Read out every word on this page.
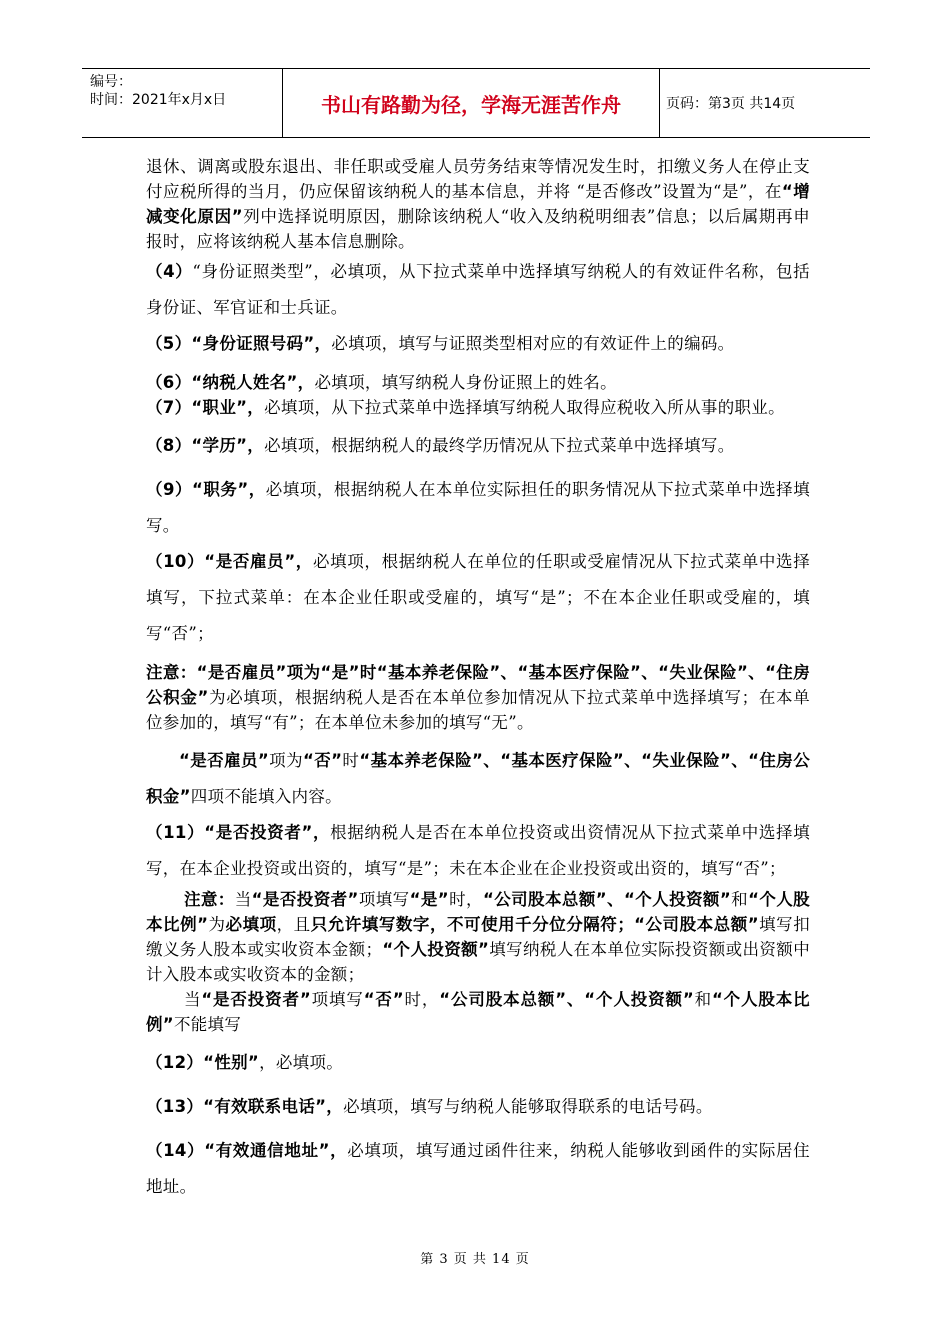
编号：
时间：2021年x月x日	书山有路勤为径，学海无涯苦作舟	页码：第3页 共14页

退休、调离或股东退出、非任职或受雇人员劳务结束等情况发生时，扣缴义务人在停止支付应税所得的当月，仍应保留该纳税人的基本信息，并将 “是否修改”设置为“是”，在“增减变化原因”列中选择说明原因，删除该纳税人“收入及纳税明细表”信息；以后属期再申报时，应将该纳税人基本信息删除。

（4）“身份证照类型”，必填项，从下拉式菜单中选择填写纳税人的有效证件名称，包括身份证、军官证和士兵证。

（5）“身份证照号码”，必填项，填写与证照类型相对应的有效证件上的编码。

（6）“纳税人姓名”，必填项，填写纳税人身份证照上的姓名。

（7）“职业”，必填项，从下拉式菜单中选择填写纳税人取得应税收入所从事的职业。

（8）“学历”，必填项，根据纳税人的最终学历情况从下拉式菜单中选择填写。

（9）“职务”，必填项，根据纳税人在本单位实际担任的职务情况从下拉式菜单中选择填写。

（10）“是否雇员”，必填项，根据纳税人在单位的任职或受雇情况从下拉式菜单中选择填写，下拉式菜单：在本企业任职或受雇的，填写“是”；不在本企业任职或受雇的，填写“否”；

注意：“是否雇员”项为“是”时“基本养老保险”、“基本医疗保险”、“失业保险”、“住房公积金”为必填项，根据纳税人是否在本单位参加情况从下拉式菜单中选择填写；在本单位参加的，填写“有”；在本单位未参加的填写“无”。

“是否雇员”项为“否”时“基本养老保险”、“基本医疗保险”、“失业保险”、“住房公积金”四项不能填入内容。

（11）“是否投资者”，根据纳税人是否在本单位投资或出资情况从下拉式菜单中选择填写，在本企业投资或出资的，填写“是”；未在本企业在企业投资或出资的，填写“否”；

注意：当“是否投资者”项填写“是”时，“公司股本总额”、“个人投资额”和“个人股本比例”为必填项，且只允许填写数字，不可使用千分位分隔符；“公司股本总额”填写扣缴义务人股本或实收资本金额；“个人投资额”填写纳税人在本单位实际投资额或出资额中计入股本或实收资本的金额；

当“是否投资者”项填写“否”时，“公司股本总额”、“个人投资额”和“个人股本比例”不能填写

（12）“性别”，必填项。

（13）“有效联系电话”，必填项，填写与纳税人能够取得联系的电话号码。

（14）“有效通信地址”，必填项，填写通过函件往来，纳税人能够收到函件的实际居住地址。

第 3 页 共 14 页
